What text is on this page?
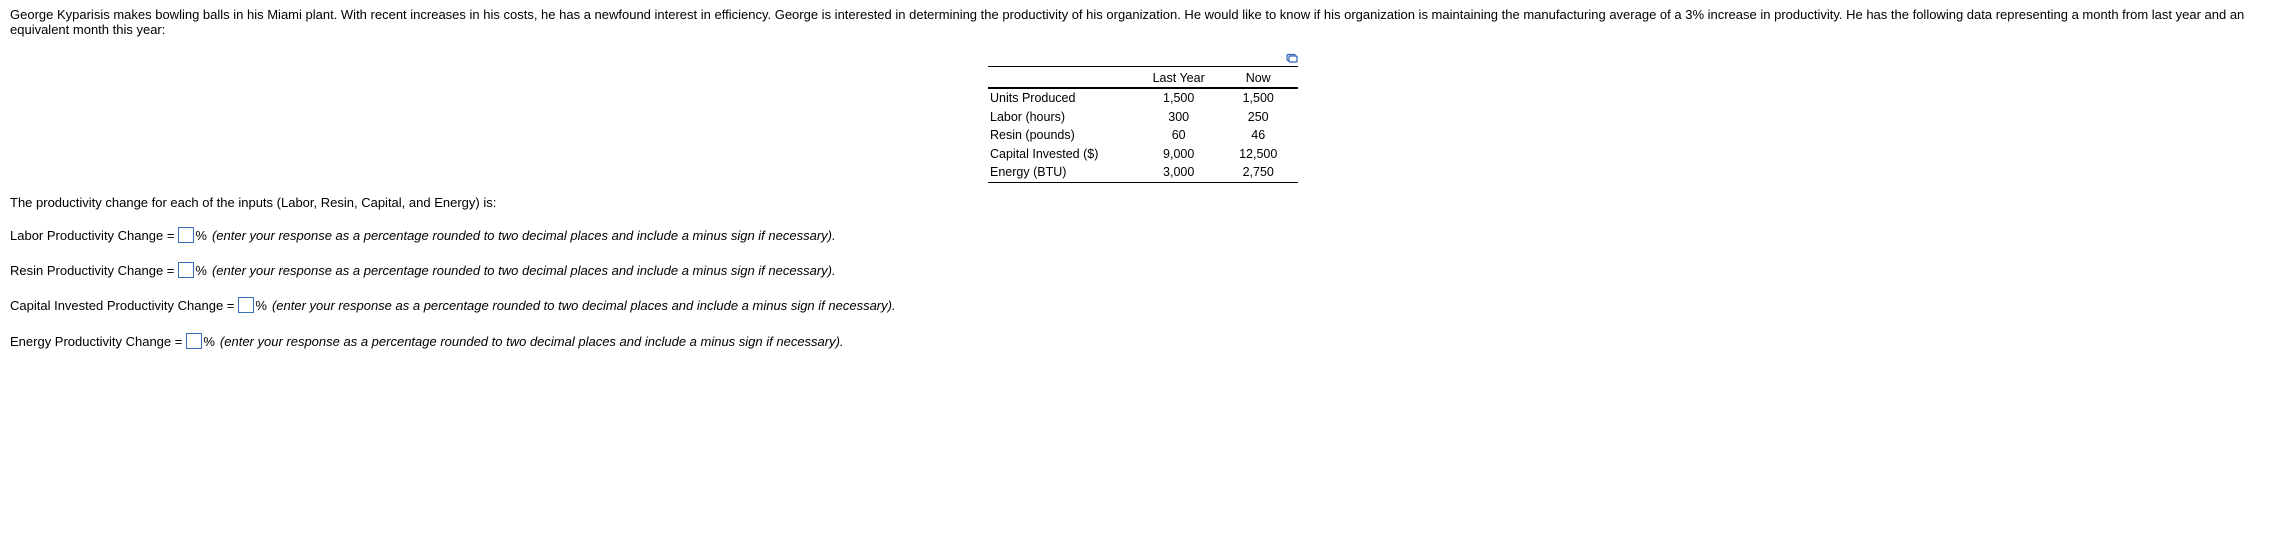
George Kyparisis makes bowling balls in his Miami plant. With recent increases in his costs, he has a newfound interest in efficiency. George is interested in determining the productivity of his organization. He would like to know if his organization is maintaining the manufacturing average of a 3% increase in productivity. He has the following data representing a month from last year and an equivalent month this year:
	Last Year	Now
Units Produced	1,500	1,500
Labor (hours)	300	250
Resin (pounds)	60	46
Capital Invested ($)	9,000	12,500
Energy (BTU)	3,000	2,750
The productivity change for each of the inputs (Labor, Resin, Capital, and Energy) is:
Labor Productivity Change = % (enter your response as a percentage rounded to two decimal places and include a minus sign if necessary).
Resin Productivity Change = % (enter your response as a percentage rounded to two decimal places and include a minus sign if necessary).
Capital Invested Productivity Change = % (enter your response as a percentage rounded to two decimal places and include a minus sign if necessary).
Energy Productivity Change = % (enter your response as a percentage rounded to two decimal places and include a minus sign if necessary).
